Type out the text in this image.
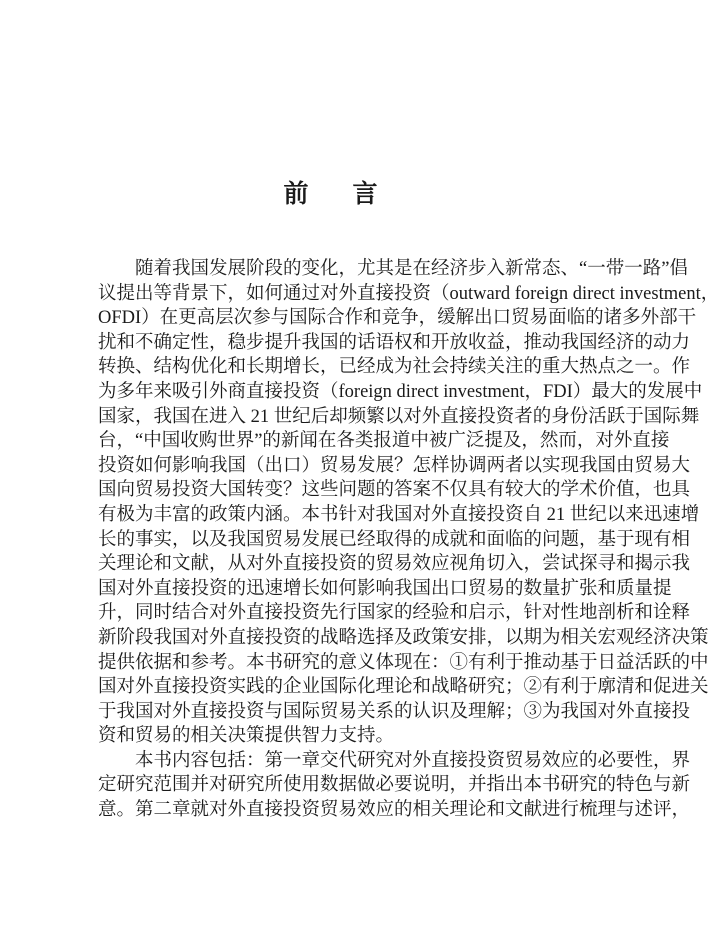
前 言
随着我国发展阶段的变化，尤其是在经济步入新常态、“一带一路”倡
议提出等背景下，如何通过对外直接投资（outward foreign direct investment，
OFDI）在更高层次参与国际合作和竞争，缓解出口贸易面临的诸多外部干
扰和不确定性，稳步提升我国的话语权和开放收益，推动我国经济的动力
转换、结构优化和长期增长，已经成为社会持续关注的重大热点之一。作
为多年来吸引外商直接投资（foreign direct investment，FDI）最大的发展中
国家，我国在进入 21 世纪后却频繁以对外直接投资者的身份活跃于国际舞
台，“中国收购世界”的新闻在各类报道中被广泛提及，然而，对外直接
投资如何影响我国（出口）贸易发展？怎样协调两者以实现我国由贸易大
国向贸易投资大国转变？这些问题的答案不仅具有较大的学术价值，也具
有极为丰富的政策内涵。本书针对我国对外直接投资自 21 世纪以来迅速增
长的事实，以及我国贸易发展已经取得的成就和面临的问题，基于现有相
关理论和文献，从对外直接投资的贸易效应视角切入，尝试探寻和揭示我
国对外直接投资的迅速增长如何影响我国出口贸易的数量扩张和质量提
升，同时结合对外直接投资先行国家的经验和启示，针对性地剖析和诠释
新阶段我国对外直接投资的战略选择及政策安排，以期为相关宏观经济决策
提供依据和参考。本书研究的意义体现在：①有利于推动基于日益活跃的中
国对外直接投资实践的企业国际化理论和战略研究；②有利于廓清和促进关
于我国对外直接投资与国际贸易关系的认识及理解；③为我国对外直接投
资和贸易的相关决策提供智力支持。
本书内容包括：第一章交代研究对外直接投资贸易效应的必要性，界
定研究范围并对研究所使用数据做必要说明，并指出本书研究的特色与新
意。第二章就对外直接投资贸易效应的相关理论和文献进行梳理与述评，
